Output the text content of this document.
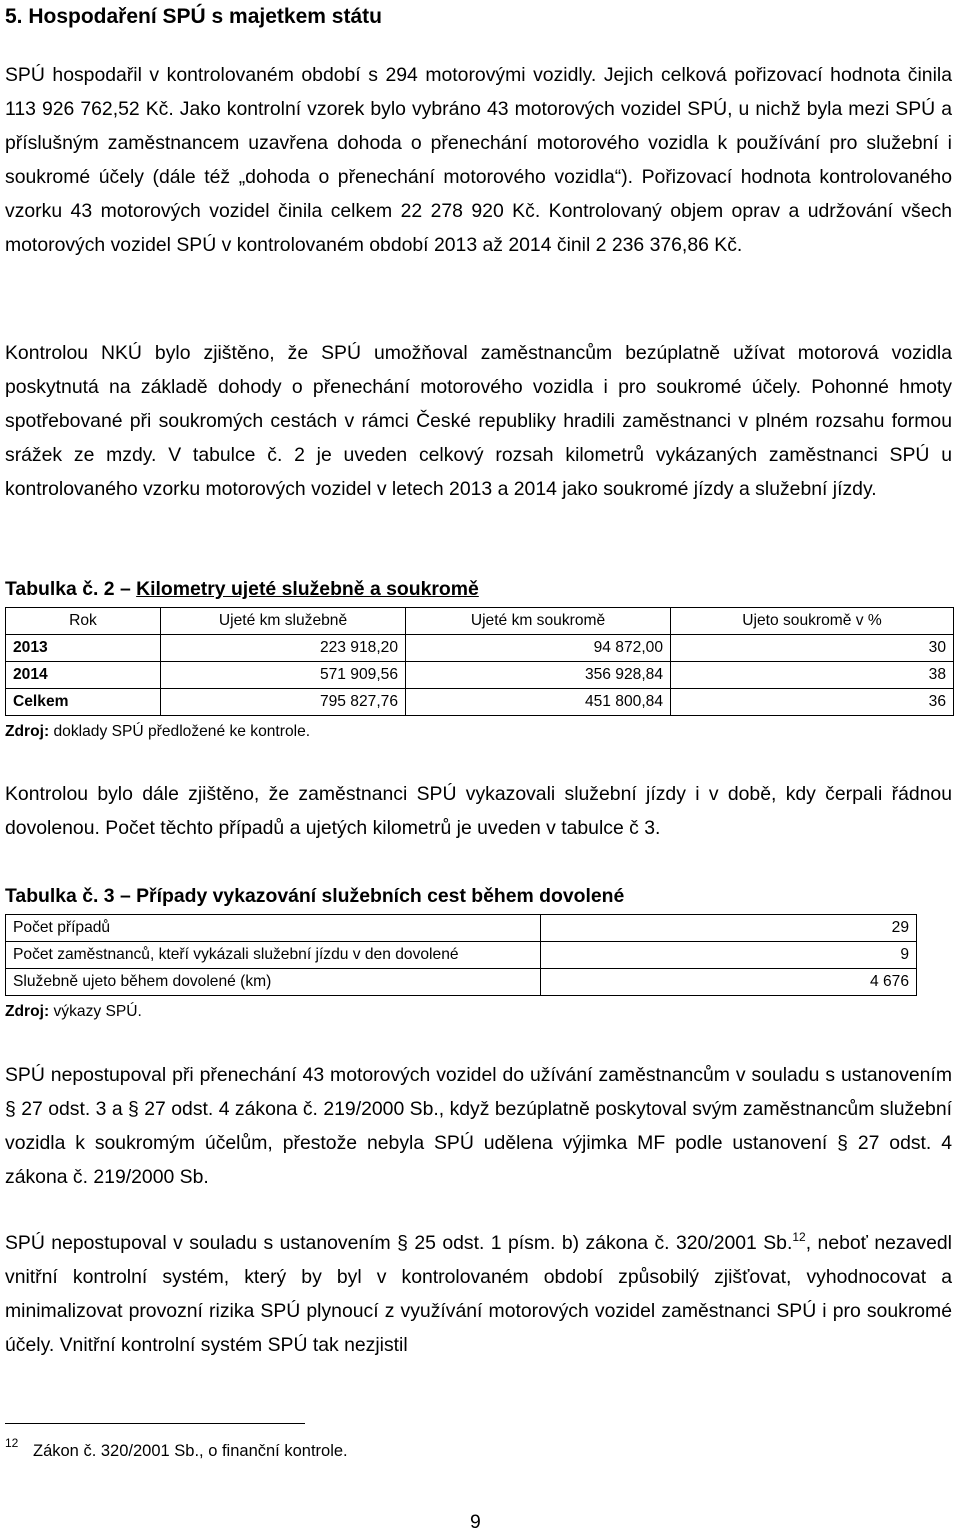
5. Hospodaření SPÚ s majetkem státu

SPÚ hospodařil v kontrolovaném období s 294 motorovými vozidly. Jejich celková pořizovací hodnota činila 113 926 762,52 Kč. Jako kontrolní vzorek bylo vybráno 43 motorových vozidel SPÚ, u nichž byla mezi SPÚ a příslušným zaměstnancem uzavřena dohoda o přenechání motorového vozidla k používání pro služební i soukromé účely (dále též „dohoda o přenechání motorového vozidla“). Pořizovací hodnota kontrolovaného vzorku 43 motorových vozidel činila celkem 22 278 920 Kč. Kontrolovaný objem oprav a udržování všech motorových vozidel SPÚ v kontrolovaném období 2013 až 2014 činil 2 236 376,86 Kč.

Kontrolou NKÚ bylo zjištěno, že SPÚ umožňoval zaměstnancům bezúplatně užívat motorová vozidla poskytnutá na základě dohody o přenechání motorového vozidla i pro soukromé účely. Pohonné hmoty spotřebované při soukromých cestách v rámci České republiky hradili zaměstnanci v plném rozsahu formou srážek ze mzdy. V tabulce č. 2 je uveden celkový rozsah kilometrů vykázaných zaměstnanci SPÚ u kontrolovaného vzorku motorových vozidel v letech 2013 a 2014 jako soukromé jízdy a služební jízdy.

Tabulka č. 2 – Kilometry ujeté služebně a soukromě
Rok	Ujeté km služebně	Ujeté km soukromě	Ujeto soukromě v %
2013	223 918,20	94 872,00	30
2014	571 909,56	356 928,84	38
Celkem	795 827,76	451 800,84	36
Zdroj: doklady SPÚ předložené ke kontrole.

Kontrolou bylo dále zjištěno, že zaměstnanci SPÚ vykazovali služební jízdy i v době, kdy čerpali řádnou dovolenou. Počet těchto případů a ujetých kilometrů je uveden v tabulce č 3.

Tabulka č. 3 – Případy vykazování služebních cest během dovolené
Počet případů	29
Počet zaměstnanců, kteří vykázali služební jízdu v den dovolené	9
Služebně ujeto během dovolené (km)	4 676
Zdroj: výkazy SPÚ.

SPÚ nepostupoval při přenechání 43 motorových vozidel do užívání zaměstnancům v souladu s ustanovením § 27 odst. 3 a § 27 odst. 4 zákona č. 219/2000 Sb., když bezúplatně poskytoval svým zaměstnancům služební vozidla k soukromým účelům, přestože nebyla SPÚ udělena výjimka MF podle ustanovení § 27 odst. 4 zákona č. 219/2000 Sb.

SPÚ nepostupoval v souladu s ustanovením § 25 odst. 1 písm. b) zákona č. 320/2001 Sb.$^{12}$, neboť nezavedl vnitřní kontrolní systém, který by byl v kontrolovaném období způsobilý zjišťovat, vyhodnocovat a minimalizovat provozní rizika SPÚ plynoucí z využívání motorových vozidel zaměstnanci SPÚ i pro soukromé účely. Vnitřní kontrolní systém SPÚ tak nezjistil

12 Zákon č. 320/2001 Sb., o finanční kontrole.
9
